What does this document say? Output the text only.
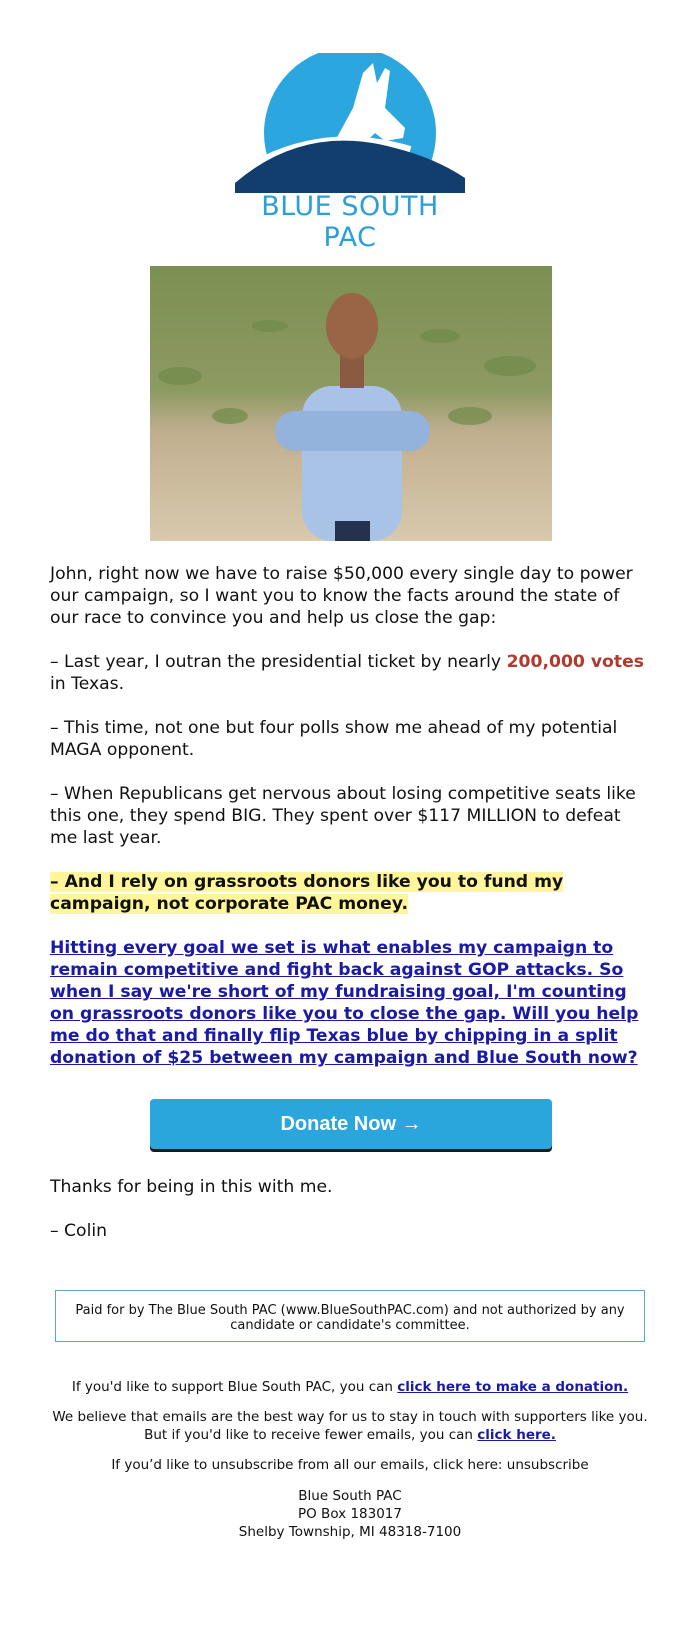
BLUE SOUTH PAC

John, right now we have to raise $50,000 every single day to power our campaign, so I want you to know the facts around the state of our race to convince you and help us close the gap:

– Last year, I outran the presidential ticket by nearly 200,000 votes in Texas.

– This time, not one but four polls show me ahead of my potential MAGA opponent.

– When Republicans get nervous about losing competitive seats like this one, they spend BIG. They spent over $117 MILLION to defeat me last year.

– And I rely on grassroots donors like you to fund my campaign, not corporate PAC money.

Hitting every goal we set is what enables my campaign to remain competitive and fight back against GOP attacks. So when I say we're short of my fundraising goal, I'm counting on grassroots donors like you to close the gap. Will you help me do that and finally flip Texas blue by chipping in a split donation of $25 between my campaign and Blue South now?

Donate Now →
Thanks for being in this with me.
– Colin
Paid for by The Blue South PAC (www.BlueSouthPAC.com) and not authorized by any candidate or candidate's committee.
If you'd like to support Blue South PAC, you can click here to make a donation.
We believe that emails are the best way for us to stay in touch with supporters like you. But if you'd like to receive fewer emails, you can click here.
If you’d like to unsubscribe from all our emails, click here: unsubscribe
Blue South PAC
PO Box 183017
Shelby Township, MI 48318-7100
